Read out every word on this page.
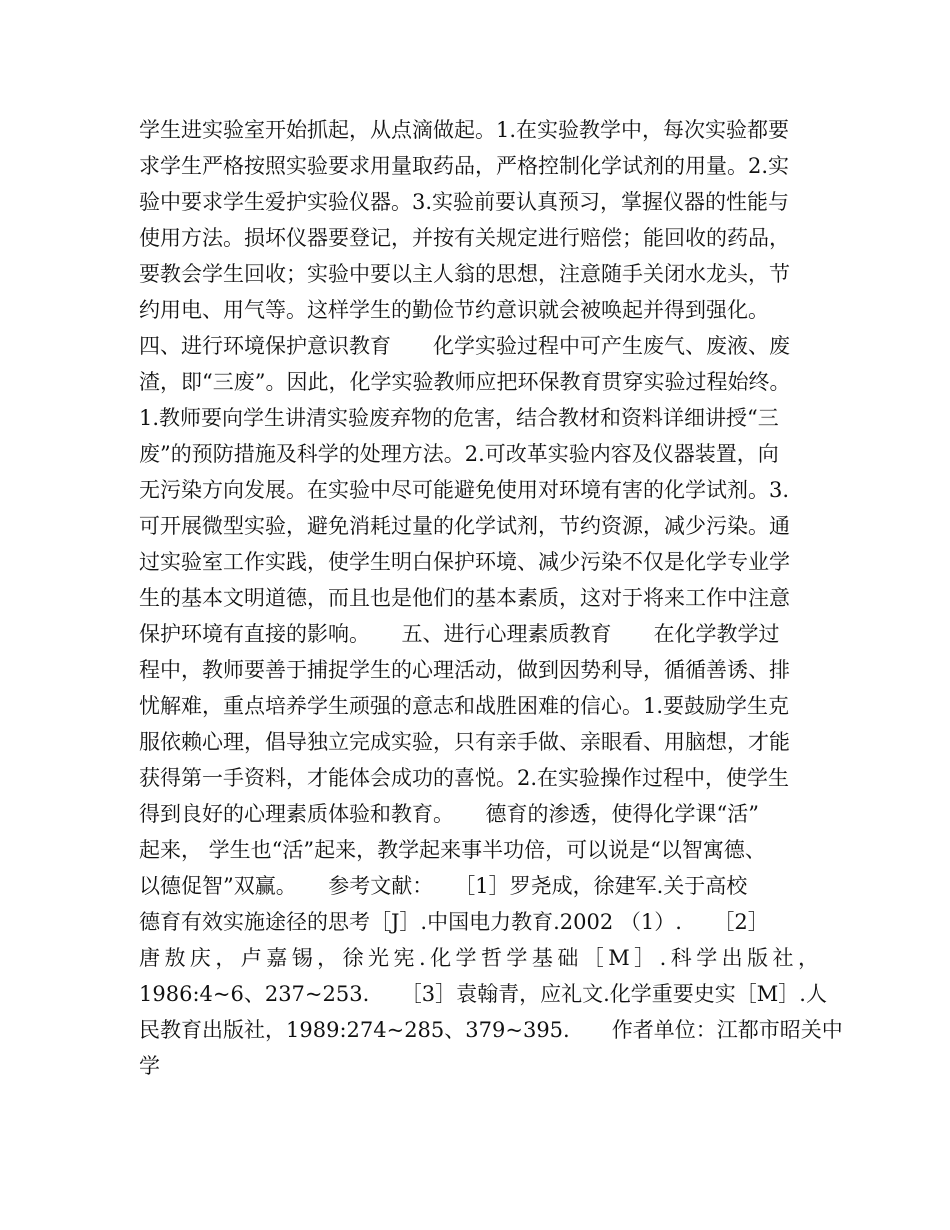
学生进实验室开始抓起，从点滴做起。1.在实验教学中，每次实验都要
求学生严格按照实验要求用量取药品，严格控制化学试剂的用量。2.实
验中要求学生爱护实验仪器。3.实验前要认真预习，掌握仪器的性能与
使用方法。损坏仪器要登记，并按有关规定进行赔偿；能回收的药品，
要教会学生回收；实验中要以主人翁的思想，注意随手关闭水龙头，节
约用电、用气等。这样学生的勤俭节约意识就会被唤起并得到强化。
四、进行环境保护意识教育　　化学实验过程中可产生废气、废液、废
渣，即“三废”。因此，化学实验教师应把环保教育贯穿实验过程始终。
1.教师要向学生讲清实验废弃物的危害，结合教材和资料详细讲授“三
废”的预防措施及科学的处理方法。2.可改革实验内容及仪器装置，向
无污染方向发展。在实验中尽可能避免使用对环境有害的化学试剂。3.
可开展微型实验，避免消耗过量的化学试剂，节约资源，减少污染。通
过实验室工作实践，使学生明白保护环境、减少污染不仅是化学专业学
生的基本文明道德，而且也是他们的基本素质，这对于将来工作中注意
保护环境有直接的影响。　　五、进行心理素质教育　　在化学教学过
程中，教师要善于捕捉学生的心理活动，做到因势利导，循循善诱、排
忧解难，重点培养学生顽强的意志和战胜困难的信心。1.要鼓励学生克
服依赖心理，倡导独立完成实验，只有亲手做、亲眼看、用脑想，才能
获得第一手资料，才能体会成功的喜悦。2.在实验操作过程中，使学生
得到良好的心理素质体验和教育。　　德育的渗透，使得化学课“活”
起来， 学生也“活”起来，教学起来事半功倍，可以说是“以智寓德、
以德促智”双赢。　　参考文献：　　［1］罗尧成，徐建军.关于高校
德育有效实施途径的思考［J］.中国电力教育.2002 （1）.　　［2］
唐敖庆，卢嘉锡，徐光宪.化学哲学基础［M］.科学出版社，
1986:4~6、237~253.　　［3］袁翰青，应礼文.化学重要史实［M］.人
民教育出版社，1989:274~285、379~395.　　作者单位：江都市昭关中
学
